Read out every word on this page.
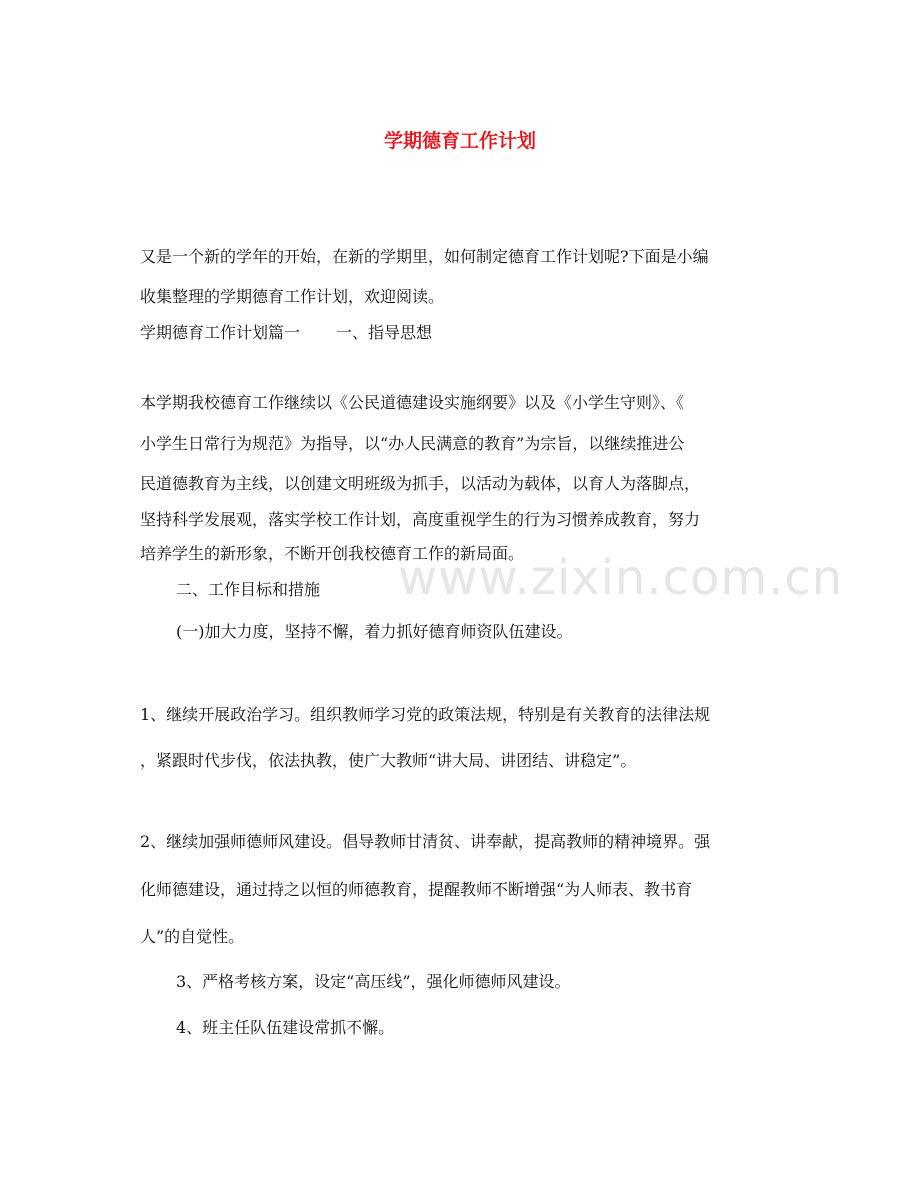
www.zixin.com.cn
学期德育工作计划
又是一个新的学年的开始，在新的学期里，如何制定德育工作计划呢?下面是小编
收集整理的学期德育工作计划，欢迎阅读。
学期德育工作计划篇一 一、指导思想
本学期我校德育工作继续以《公民道德建设实施纲要》以及《小学生守则》、《
小学生日常行为规范》为指导，以“办人民满意的教育”为宗旨，以继续推进公
民道德教育为主线，以创建文明班级为抓手，以活动为载体，以育人为落脚点，
坚持科学发展观，落实学校工作计划，高度重视学生的行为习惯养成教育，努力
培养学生的新形象，不断开创我校德育工作的新局面。
二、工作目标和措施
(一)加大力度，坚持不懈，着力抓好德育师资队伍建设。
1、继续开展政治学习。组织教师学习党的政策法规，特别是有关教育的法律法规
，紧跟时代步伐，依法执教，使广大教师“讲大局、讲团结、讲稳定”。
2、继续加强师德师风建设。倡导教师甘清贫、讲奉献，提高教师的精神境界。强
化师德建设，通过持之以恒的师德教育，提醒教师不断增强“为人师表、教书育
人”的自觉性。
3、严格考核方案，设定“高压线”，强化师德师风建设。
4、班主任队伍建设常抓不懈。
